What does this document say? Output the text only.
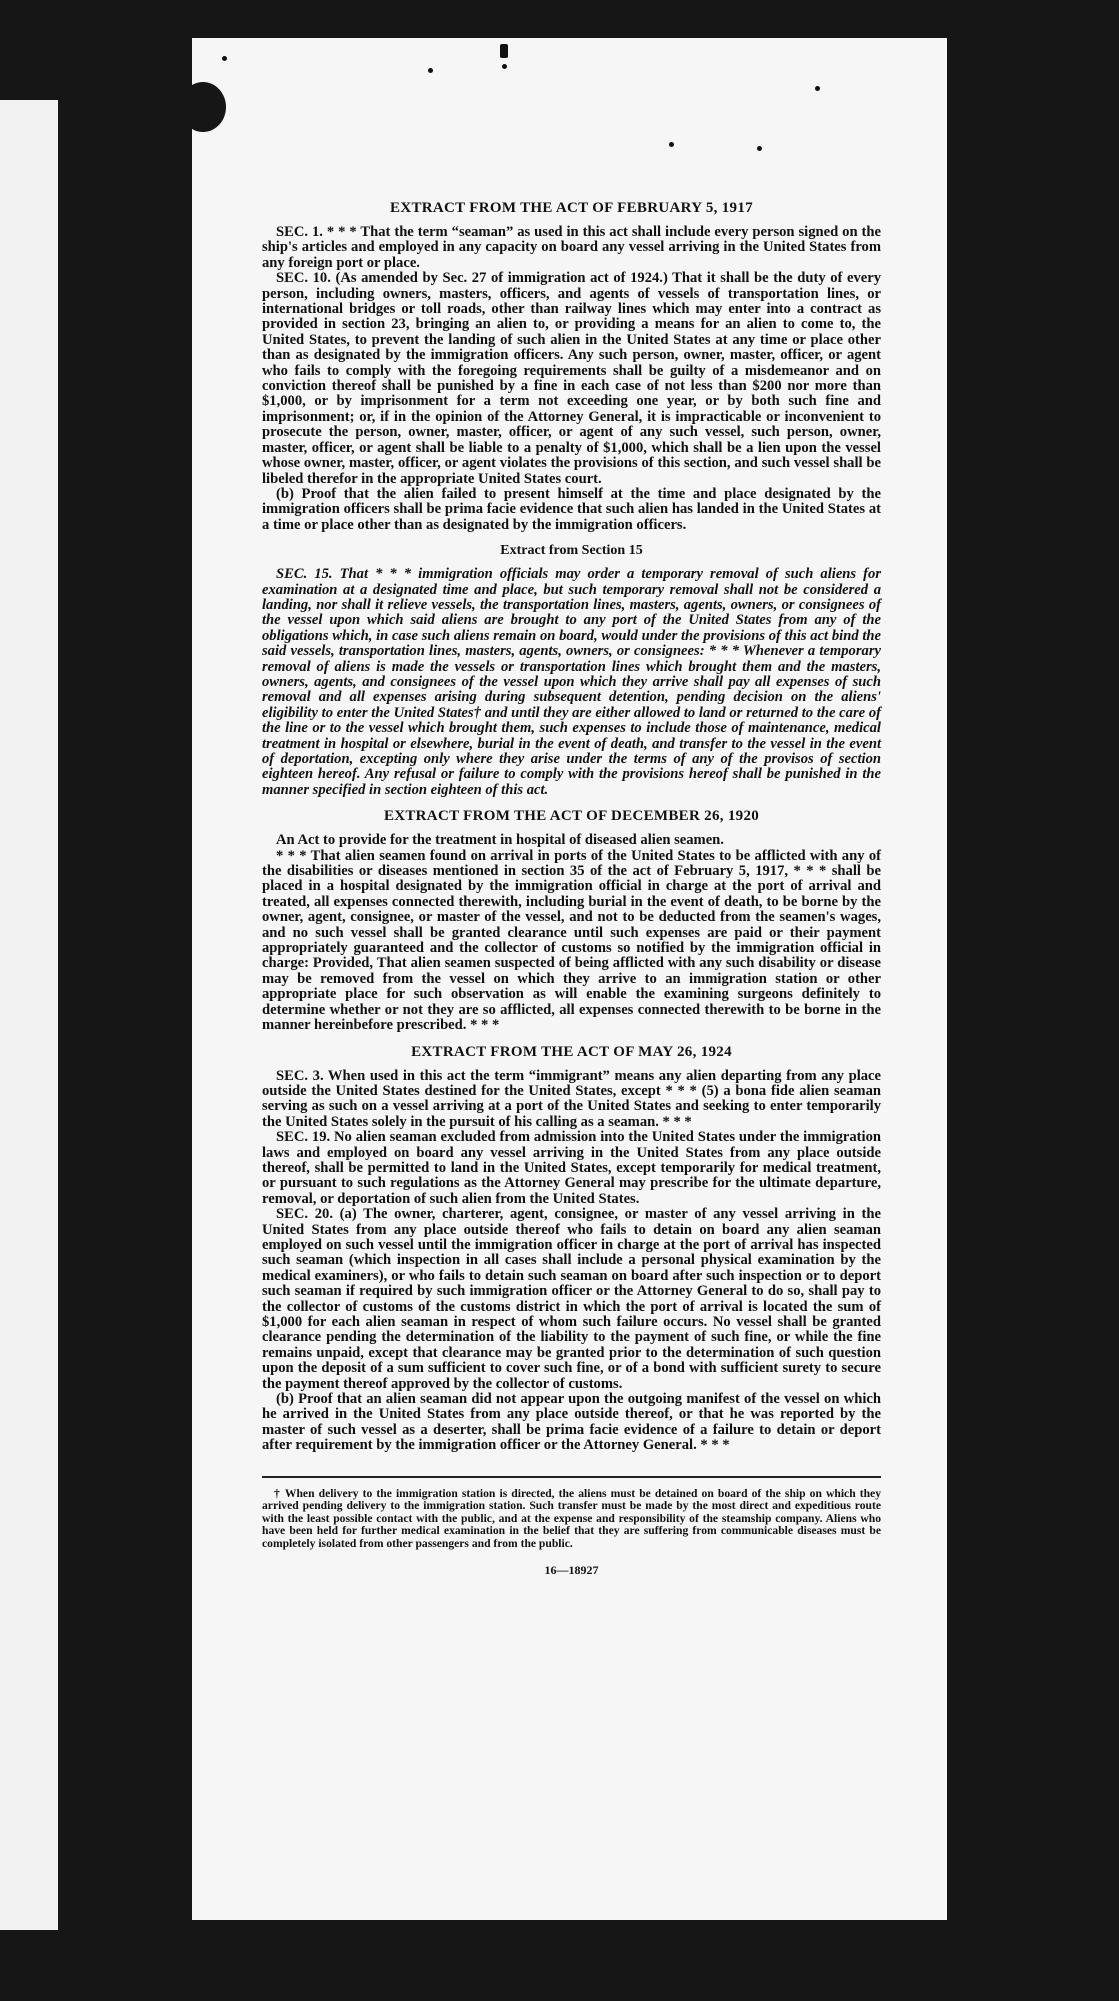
EXTRACT FROM THE ACT OF FEBRUARY 5, 1917

SEC. 1. * * * That the term “seaman” as used in this act shall include every person signed on the ship's articles and employed in any capacity on board any vessel arriving in the United States from any foreign port or place.

SEC. 10. (As amended by Sec. 27 of immigration act of 1924.) That it shall be the duty of every person, including owners, masters, officers, and agents of vessels of transportation lines, or international bridges or toll roads, other than railway lines which may enter into a contract as provided in section 23, bringing an alien to, or providing a means for an alien to come to, the United States, to prevent the landing of such alien in the United States at any time or place other than as designated by the immigration officers. Any such person, owner, master, officer, or agent who fails to comply with the foregoing requirements shall be guilty of a misdemeanor and on conviction thereof shall be punished by a fine in each case of not less than $200 nor more than $1,000, or by imprisonment for a term not exceeding one year, or by both such fine and imprisonment; or, if in the opinion of the Attorney General, it is impracticable or inconvenient to prosecute the person, owner, master, officer, or agent of any such vessel, such person, owner, master, officer, or agent shall be liable to a penalty of $1,000, which shall be a lien upon the vessel whose owner, master, officer, or agent violates the provisions of this section, and such vessel shall be libeled therefor in the appropriate United States court.

(b) Proof that the alien failed to present himself at the time and place designated by the immigration officers shall be prima facie evidence that such alien has landed in the United States at a time or place other than as designated by the immigration officers.

Extract from Section 15

SEC. 15. That * * * immigration officials may order a temporary removal of such aliens for examination at a designated time and place, but such temporary removal shall not be considered a landing, nor shall it relieve vessels, the transportation lines, masters, agents, owners, or consignees of the vessel upon which said aliens are brought to any port of the United States from any of the obligations which, in case such aliens remain on board, would under the provisions of this act bind the said vessels, transportation lines, masters, agents, owners, or consignees: * * * Whenever a temporary removal of aliens is made the vessels or transportation lines which brought them and the masters, owners, agents, and consignees of the vessel upon which they arrive shall pay all expenses of such removal and all expenses arising during subsequent detention, pending decision on the aliens' eligibility to enter the United States† and until they are either allowed to land or returned to the care of the line or to the vessel which brought them, such expenses to include those of maintenance, medical treatment in hospital or elsewhere, burial in the event of death, and transfer to the vessel in the event of deportation, excepting only where they arise under the terms of any of the provisos of section eighteen hereof. Any refusal or failure to comply with the provisions hereof shall be punished in the manner specified in section eighteen of this act.

EXTRACT FROM THE ACT OF DECEMBER 26, 1920

An Act to provide for the treatment in hospital of diseased alien seamen.

* * * That alien seamen found on arrival in ports of the United States to be afflicted with any of the disabilities or diseases mentioned in section 35 of the act of February 5, 1917, * * * shall be placed in a hospital designated by the immigration official in charge at the port of arrival and treated, all expenses connected therewith, including burial in the event of death, to be borne by the owner, agent, consignee, or master of the vessel, and not to be deducted from the seamen's wages, and no such vessel shall be granted clearance until such expenses are paid or their payment appropriately guaranteed and the collector of customs so notified by the immigration official in charge: Provided, That alien seamen suspected of being afflicted with any such disability or disease may be removed from the vessel on which they arrive to an immigration station or other appropriate place for such observation as will enable the examining surgeons definitely to determine whether or not they are so afflicted, all expenses connected therewith to be borne in the manner hereinbefore prescribed. * * *

EXTRACT FROM THE ACT OF MAY 26, 1924

SEC. 3. When used in this act the term “immigrant” means any alien departing from any place outside the United States destined for the United States, except * * * (5) a bona fide alien seaman serving as such on a vessel arriving at a port of the United States and seeking to enter temporarily the United States solely in the pursuit of his calling as a seaman. * * *

SEC. 19. No alien seaman excluded from admission into the United States under the immigration laws and employed on board any vessel arriving in the United States from any place outside thereof, shall be permitted to land in the United States, except temporarily for medical treatment, or pursuant to such regulations as the Attorney General may prescribe for the ultimate departure, removal, or deportation of such alien from the United States.

SEC. 20. (a) The owner, charterer, agent, consignee, or master of any vessel arriving in the United States from any place outside thereof who fails to detain on board any alien seaman employed on such vessel until the immigration officer in charge at the port of arrival has inspected such seaman (which inspection in all cases shall include a personal physical examination by the medical examiners), or who fails to detain such seaman on board after such inspection or to deport such seaman if required by such immigration officer or the Attorney General to do so, shall pay to the collector of customs of the customs district in which the port of arrival is located the sum of $1,000 for each alien seaman in respect of whom such failure occurs. No vessel shall be granted clearance pending the determination of the liability to the payment of such fine, or while the fine remains unpaid, except that clearance may be granted prior to the determination of such question upon the deposit of a sum sufficient to cover such fine, or of a bond with sufficient surety to secure the payment thereof approved by the collector of customs.

(b) Proof that an alien seaman did not appear upon the outgoing manifest of the vessel on which he arrived in the United States from any place outside thereof, or that he was reported by the master of such vessel as a deserter, shall be prima facie evidence of a failure to detain or deport after requirement by the immigration officer or the Attorney General. * * *

† When delivery to the immigration station is directed, the aliens must be detained on board of the ship on which they arrived pending delivery to the immigration station. Such transfer must be made by the most direct and expeditious route with the least possible contact with the public, and at the expense and responsibility of the steamship company. Aliens who have been held for further medical examination in the belief that they are suffering from communicable diseases must be completely isolated from other passengers and from the public.

16—18927
